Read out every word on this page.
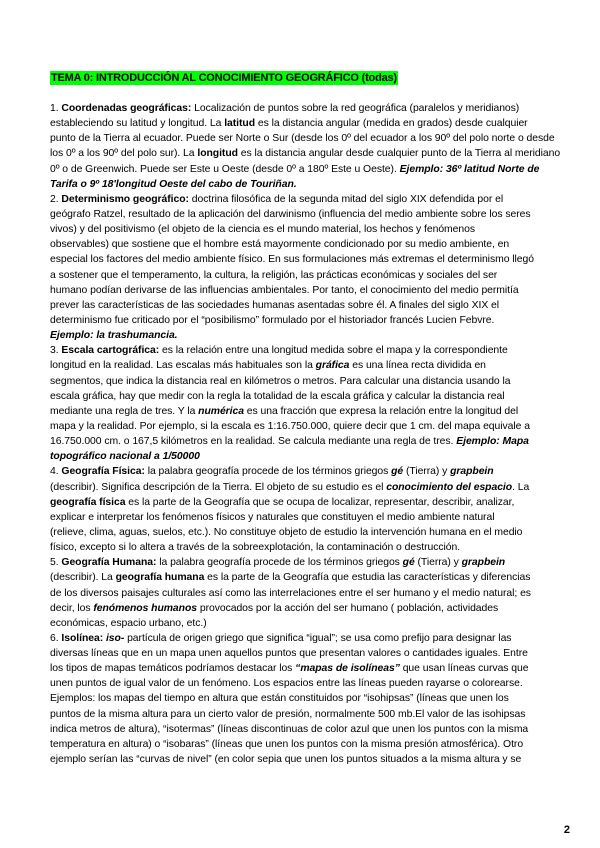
TEMA 0: INTRODUCCIÓN AL CONOCIMIENTO GEOGRÁFICO (todas)
1. Coordenadas geográficas: Localización de puntos sobre la red geográfica (paralelos y meridianos)
estableciendo su latitud y longitud. La latitud es la distancia angular (medida en grados) desde cualquier
punto de la Tierra al ecuador. Puede ser Norte o Sur (desde los 0º del ecuador a los 90º del polo norte o desde
los 0º a los 90º del polo sur). La longitud es la distancia angular desde cualquier punto de la Tierra al meridiano
0º o de Greenwich. Puede ser Este u Oeste (desde 0º a 180º Este u Oeste). Ejemplo: 36º latitud Norte de
Tarifa o 9º 18'longitud Oeste del cabo de Touriñan.
2. Determinismo geográfico: doctrina filosófica de la segunda mitad del siglo XIX defendida por el
geógrafo Ratzel, resultado de la aplicación del darwinismo (influencia del medio ambiente sobre los seres
vivos) y del positivismo (el objeto de la ciencia es el mundo material, los hechos y fenómenos
observables) que sostiene que el hombre está mayormente condicionado por su medio ambiente, en
especial los factores del medio ambiente físico. En sus formulaciones más extremas el determinismo llegó
a sostener que el temperamento, la cultura, la religión, las prácticas económicas y sociales del ser
humano podían derivarse de las influencias ambientales. Por tanto, el conocimiento del medio permitía
prever las características de las sociedades humanas asentadas sobre él. A finales del siglo XIX el
determinismo fue criticado por el “posibilismo” formulado por el historiador francés Lucien Febvre.
Ejemplo: la trashumancia.
3. Escala cartográfica: es la relación entre una longitud medida sobre el mapa y la correspondiente
longitud en la realidad. Las escalas más habituales son la gráfica es una línea recta dividida en
segmentos, que indica la distancia real en kilómetros o metros. Para calcular una distancia usando la
escala gráfica, hay que medir con la regla la totalidad de la escala gráfica y calcular la distancia real
mediante una regla de tres. Y la numérica es una fracción que expresa la relación entre la longitud del
mapa y la realidad. Por ejemplo, si la escala es 1:16.750.000, quiere decir que 1 cm. del mapa equivale a
16.750.000 cm. o 167,5 kilómetros en la realidad. Se calcula mediante una regla de tres. Ejemplo: Mapa
topográfico nacional a 1/50000
4. Geografía Física: la palabra geografía procede de los términos griegos gé (Tierra) y grapbein
(describir). Significa descripción de la Tierra. El objeto de su estudio es el conocimiento del espacio. La
geografía física es la parte de la Geografía que se ocupa de localizar, representar, describir, analizar,
explicar e interpretar los fenómenos físicos y naturales que constituyen el medio ambiente natural
(relieve, clima, aguas, suelos, etc.). No constituye objeto de estudio la intervención humana en el medio
físico, excepto si lo altera a través de la sobreexplotación, la contaminación o destrucción.
5. Geografía Humana: la palabra geografía procede de los términos griegos gé (Tierra) y grapbein
(describir). La geografía humana es la parte de la Geografía que estudia las características y diferencias
de los diversos paisajes culturales así como las interrelaciones entre el ser humano y el medio natural; es
decir, los fenómenos humanos provocados por la acción del ser humano ( población, actividades
económicas, espacio urbano, etc.)
6. Isolínea: iso- partícula de origen griego que significa “igual”; se usa como prefijo para designar las
diversas líneas que en un mapa unen aquellos puntos que presentan valores o cantidades iguales. Entre
los tipos de mapas temáticos podríamos destacar los “mapas de isolíneas” que usan líneas curvas que
unen puntos de igual valor de un fenómeno. Los espacios entre las líneas pueden rayarse o colorearse.
Ejemplos: los mapas del tiempo en altura que están constituidos por “isohipsas” (líneas que unen los
puntos de la misma altura para un cierto valor de presión, normalmente 500 mb.El valor de las isohipsas
indica metros de altura), “isotermas” (líneas discontinuas de color azul que unen los puntos con la misma
temperatura en altura) o “isobaras” (líneas que unen los puntos con la misma presión atmosférica). Otro
ejemplo serían las “curvas de nivel” (en color sepia que unen los puntos situados a la misma altura y se
2
